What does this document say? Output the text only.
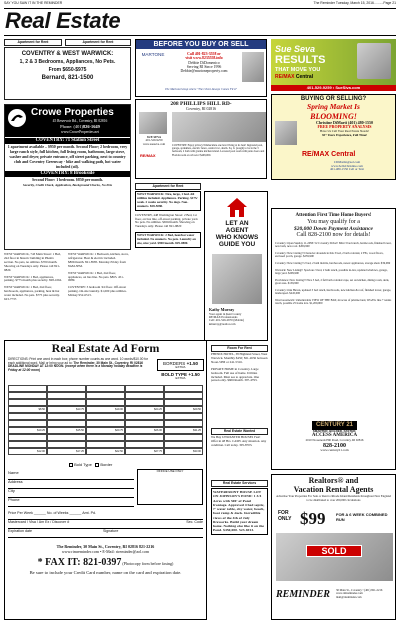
SAY YOU SAW IT IN THE REMINDER	The Reminder Tuesday, March 15, 2016..........Page 21
Real Estate
Apartment for Rent	Apartment for Rent
COVENTRY & WEST WARWICK:
1, 2 & 3 Bedrooms, Appliances, No Pets.
From $650-$975
Bernard, 821-1500
Crowe Properties
45 Reservoir Rd., Coventry, RI 02816
Phone: (401)826-1649
www.CroweProperties.net
COVENTRY: 71 Station Street
1 apartment available – $950 per month. Second Floor; 2 bedroom, very large ranch style, full kitchen, full living room, bathroom, large stove, washer and dryer, private entrance, off street parking, next to country club and Coventry Greenway - bike and walking path, hot water included (oil).
COVENTRY: 8 Brookside
Second Floor: 1 bedroom. $850 per month.
Security, Credit Check, Application, Background Checks, No Pets

WEST WARWICK, 743 Main Street: 1 Bed, 2nd floor in historic building in Phenix section. No pets, no utilities. $700 month. Showing on Tuesdays only. Please call 821-9820.

WEST WARWICK: 1 Bed, appliances, parking. $775 month plus security. 828-1062.

WEST WARWICK: 1 Bed, 2nd floor, hardwoods, appliances, parking, heat & hot water included. No pets. $775 plus security. 623-7737.

WEST WARWICK: 1 Bedroom, kitchen, stove, refrigerator. Heat & electric included. $800/month. 821-8585. Monday-Friday from 8AM-5PM.

WEST WARWICK: 1 Bed, 2nd floor, appliances, on bus line. No pets. $865. 451-0089.

COVENTRY: 3 bedroom 3rd floor. Off-street parking. On-site laundry. $1,000 plus utilities. Mickey 952-6513.

Real Estate Ad Form
DIRECTIONS: Print one word in each box; phone number counts as one word. 10 words/$10.00 for each additional word. Mail or bring your ad to: The Reminder, 30 Main St., Coventry, RI 02816 DEADLINE MONDAY AT 12:00 NOON. (except when there is a Monday holiday deadline is Friday at 12:00 noon)
BORDERS +1.50
EXTRA
BOLD TYPE +1.50
EXTRA
$8.50	$13.75	$19.00	$24.25	$29.50
$10.25	$15.50	$20.75	$26.00	$31.25
$12.00	$17.25	$22.50	$27.75	$33.00
Bold Type Border
OFFICE USE ONLY
Name
Address
City
Phone
Price Per Week ______ No. of Weeks ______ Amt. Pd.
Mastercard / Visa / Am Ex / Discover #	Sec. Code
Expiration date	Signature
The Reminder, 30 Main St., Coventry, RI 02816 821-2216
www.rimreminder.com • E-Mail: rireminder@aol.com
* FAX IT: 821-0397 (Photocopy form before faxing)
Be sure to include your Credit Card number, name on the card and expiration date.
BEFORE YOU BUY OR SELL
MARTONE	Call 401-823-3558 or
visit www.8235558.info
Debbie DiDomenico
Serving RI Since 1996
Debbie@martoneproperty.com
The MartoneGroup where "The Client Always Comes First"
208 PHILLIPS HILL RD-
Coventry, RI 02816
SUE SEVA
401-529-9259
www.sueseva.com
RE/MAX
COVENTRY: Enjoy privacy! Immaculate one level living at its best! Inground pool, garage, sprinklers, electric fence, central vac, alarm. Sq. ft. (rough) to be in the 3 bedroom, 2 bath with granite kitchen island. Lowered pool room with patio doors and Florida room on 4.6 acre! $409,000.
Apartment for Rent

WEST WARWICK: Nice, large, 1 bed. All utilities included. Appliances. Parking. $175/ week. 2 weeks security. No dogs. Non-smokers. 828-5080.

COVENTRY, 448 Washington Street: 2 Bed, 1st floor, on bus line, off-street parking, private yard. No pets. No utilities. $650/month. Showing on Tuesdays only. Please call 821-9820

WEST WARWICK: 2 Bed, heat/hot water included. No smokers. No pets. Laundry on site, nice yard. $900/month. 829-0880.

LET AN
AGENT
WHO KNOWS
GUIDE YOU
Kathy Murray
Your agent in Kent County
RE/MAX Professionals
Cell: 401-526-2670 (Mobile)
kmurray@realtor.com
Room For Rent

PHENIX HOTEL, 38 Highland Street, West Warwick. Monthly $450; 821-2636 between Noon-5PM or 241-5316.

PRIVATE HOME in Coventry. Large bedroom. Full use of home. Utilities included. Must see to appreciate. One person only. $600/month. 397-4793.

Real Estate Wanted
We Buy UNWANTED HOUSES Fast! Offer in 48 Hrs. CASH. Any situation. Any condition. Call today. 305-8703.
Real Estate Services
WATERFRONT HOUSE LOT ON JOHNSON'S POND: 1 3/4 Acres with 500' of Pond frontage. Approved 4 bed septic, 7' water table, city water, beach, boat ramp & dock. Incredible views of the 4th of July fireworks. Build your dream home. Nothing else like it on the Pond. $450,000. 523-6913.
Sue Seva
RESULTS
THAT MOVE YOU
RE/MAX Central
401-529-9259 • SueSiva.com
BUYING OR SELLING?
Spring Market Is
BLOOMING!
Christine DiMarti (401) 480-1550
FREE PROPERTY ANALYSIS
Have Us Call Your Real Estate Needs!
30+ Years Experience, Full Time!
RE/MAX Central
CDMartin@aol.com
www.SellsChristine.com
401-480-1550 Cell or Text
Attention First Time Home Buyers!
You may qualify for a
$20,000 Down Payment Assistance
Call 828-2100 now for details!

Coventry: Open Sunday 11-2PM: 52 Coventry Drive!! Mint 3 bed ranch, hardwoods, finished lower, new bath, new roof. $209,900

Coventry: New Listing!! Character abounds in this 3 bed, 2 bath colonial, 2 FPs, wood floors, enclosed porch, garage. $259,900

Coventry: New Listing!! 2 bed, 2 bath mobile, hardwoods, newer appliances, storage shed. $39,999

Warwick: New Listing!! Spacious 3 bed, 2 bath ranch, possible in-law, updated windows, garage, large yard. $209,900

Providence: New Listing!! Nice 3 bed, 2 full bath colonial cape, set on kitchen, dining room, deck, great area. $139,900

Coventry: Oak Haven, updated 3 bed ranch, hardwoods, new kitchen & roof, finished lower, garage, landscaped. $245,000

West Greenwich: Unbelievable VIEW OF THE BAY, 44 acres of pristine land, WG/EG line + tennis ranch, possible 25 home lots. $1,200,000

CENTURY 21
SMARTER. BOLDER. FASTER.
ACCESS AMERICA
2010 Nooseneck Hill Road, Coventry, RI 02816
828-2100
www.century21.com
Realtors® and
Vacation Rental Agents
Advertise Your Properties For Sale or Rent to Rhode Island Residents throughout New England to be distributed to over 200,000 circulations
FOR
ONLY $99	FOR A 6 WEEK COMBINED RUN
SOLD
REMINDER 30 Main St., Coventry • (401) 821-2216
www.rimreminder.com
mail@rireminder.com
